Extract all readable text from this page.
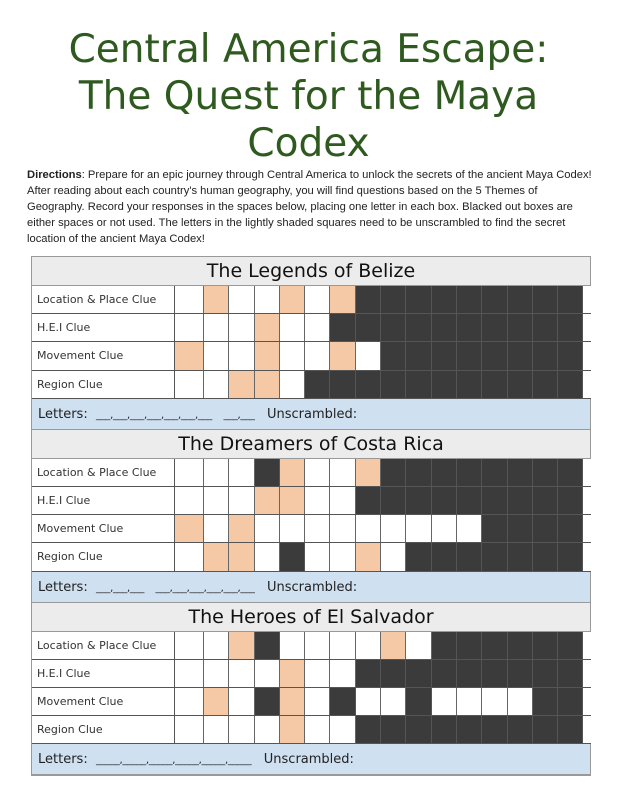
Central America Escape:
The Quest for the Maya
Codex
Directions: Prepare for an epic journey through Central America to unlock the secrets of the ancient Maya Codex! After reading about each country's human geography, you will find questions based on the 5 Themes of Geography. Record your responses in the spaces below, placing one letter in each box. Blacked out boxes are either spaces or not used. The letters in the lightly shaded squares need to be unscrambled to find the secret location of the ancient Maya Codex!
The Legends of Belize
Location & Place Clue
H.E.I Clue
Movement Clue
Region Clue
Letters: ___,___,___,___,___,___,___    ___,___ Unscrambled:
The Dreamers of Costa Rica
Location & Place Clue
H.E.I Clue
Movement Clue
Region Clue
Letters: ___,___,___    ___,___,___,___,___,___ Unscrambled:
The Heroes of El Salvador
Location & Place Clue
H.E.I Clue
Movement Clue
Region Clue
Letters: _____,_____,_____,_____,_____,_____ Unscrambled:
